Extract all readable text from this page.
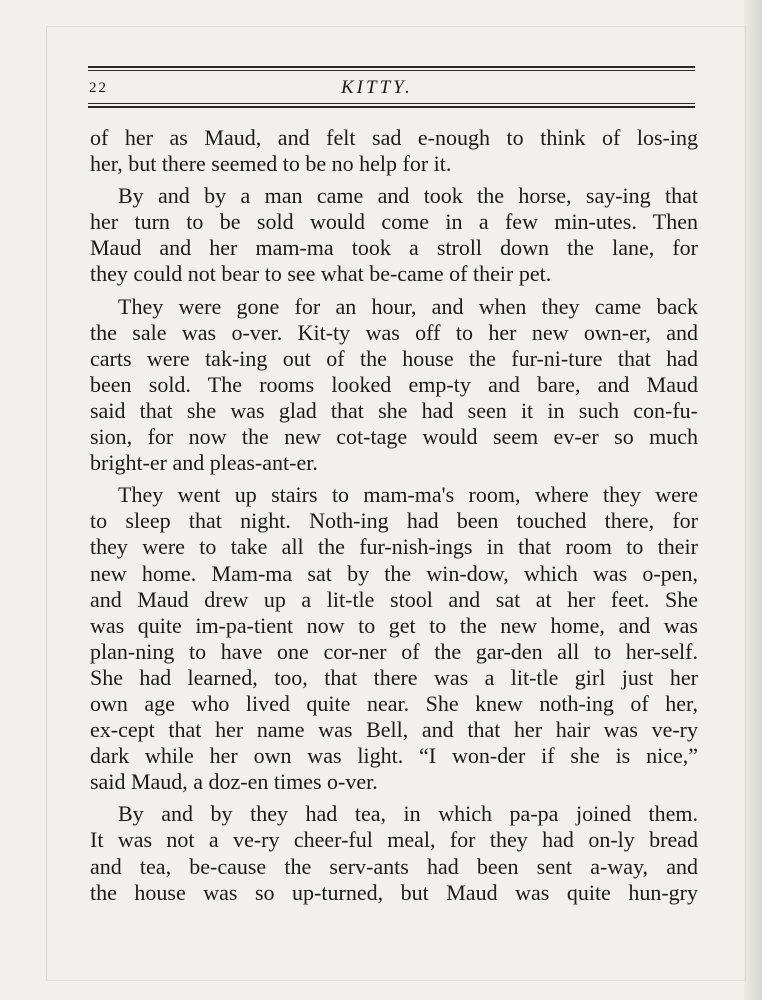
22	KITTY.
of her as Maud, and felt sad e-nough to think of los-ing
her, but there seemed to be no help for it.
By and by a man came and took the horse, say-ing that
her turn to be sold would come in a few min-utes. Then
Maud and her mam-ma took a stroll down the lane, for
they could not bear to see what be-came of their pet.
They were gone for an hour, and when they came back
the sale was o-ver. Kit-ty was off to her new own-er, and
carts were tak-ing out of the house the fur-ni-ture that had
been sold. The rooms looked emp-ty and bare, and Maud
said that she was glad that she had seen it in such con-fu-
sion, for now the new cot-tage would seem ev-er so much
bright-er and pleas-ant-er.
They went up stairs to mam-ma's room, where they were
to sleep that night. Noth-ing had been touched there, for
they were to take all the fur-nish-ings in that room to their
new home. Mam-ma sat by the win-dow, which was o-pen,
and Maud drew up a lit-tle stool and sat at her feet. She
was quite im-pa-tient now to get to the new home, and was
plan-ning to have one cor-ner of the gar-den all to her-self.
She had learned, too, that there was a lit-tle girl just her
own age who lived quite near. She knew noth-ing of her,
ex-cept that her name was Bell, and that her hair was ve-ry
dark while her own was light. “I won-der if she is nice,”
said Maud, a doz-en times o-ver.
By and by they had tea, in which pa-pa joined them.
It was not a ve-ry cheer-ful meal, for they had on-ly bread
and tea, be-cause the serv-ants had been sent a-way, and
the house was so up-turned, but Maud was quite hun-gry
